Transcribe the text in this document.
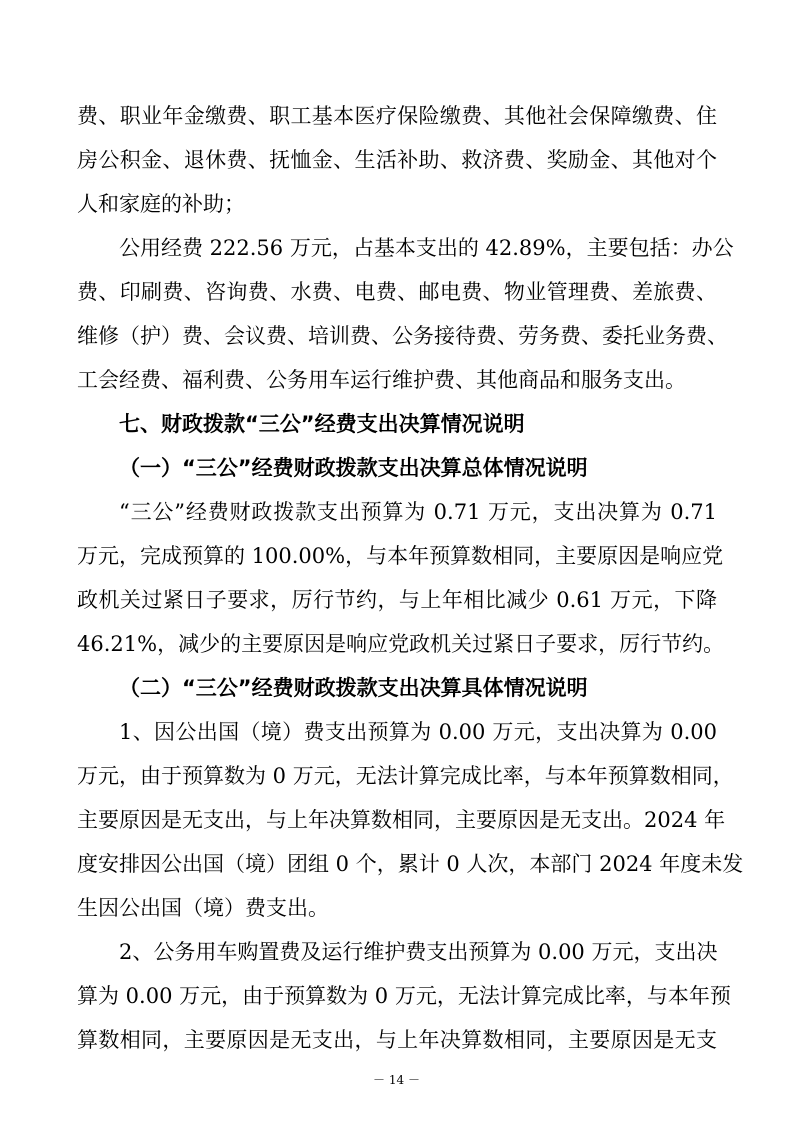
费、职业年金缴费、职工基本医疗保险缴费、其他社会保障缴费、住
房公积金、退休费、抚恤金、生活补助、救济费、奖励金、其他对个
人和家庭的补助；
公用经费 222.56 万元，占基本支出的 42.89%，主要包括：办公
费、印刷费、咨询费、水费、电费、邮电费、物业管理费、差旅费、
维修（护）费、会议费、培训费、公务接待费、劳务费、委托业务费、
工会经费、福利费、公务用车运行维护费、其他商品和服务支出。
七、财政拨款“三公”经费支出决算情况说明
（一）“三公”经费财政拨款支出决算总体情况说明
“三公”经费财政拨款支出预算为 0.71 万元，支出决算为 0.71
万元，完成预算的 100.00%，与本年预算数相同，主要原因是响应党
政机关过紧日子要求，厉行节约，与上年相比减少 0.61 万元，下降
46.21%，减少的主要原因是响应党政机关过紧日子要求，厉行节约。
（二）“三公”经费财政拨款支出决算具体情况说明
1、因公出国（境）费支出预算为 0.00 万元，支出决算为 0.00
万元，由于预算数为 0 万元，无法计算完成比率，与本年预算数相同，
主要原因是无支出，与上年决算数相同，主要原因是无支出。2024 年
度安排因公出国（境）团组 0 个，累计 0 人次，本部门 2024 年度未发
生因公出国（境）费支出。
2、公务用车购置费及运行维护费支出预算为 0.00 万元，支出决
算为 0.00 万元，由于预算数为 0 万元，无法计算完成比率，与本年预
算数相同，主要原因是无支出，与上年决算数相同，主要原因是无支
－ 14 －
